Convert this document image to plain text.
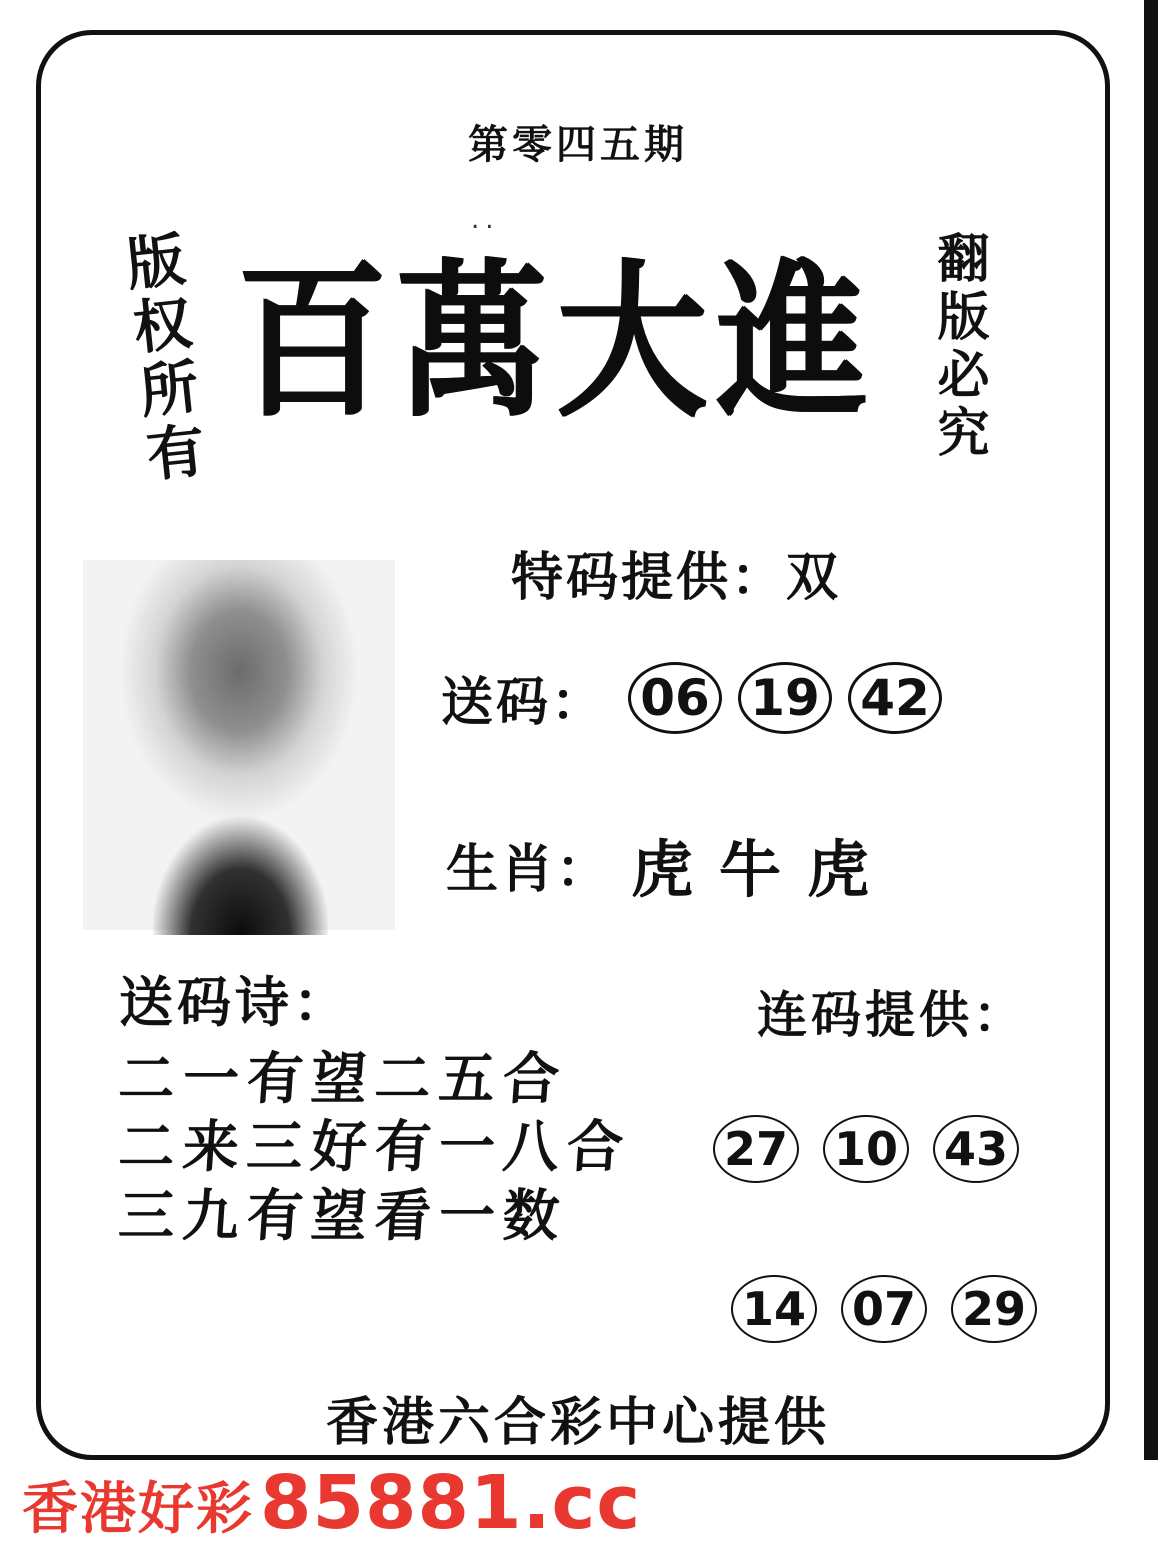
第零四五期
..
版权所有	翻版必究
百萬大進
特码提供：双
送码： 06 19 42
生肖： 虎牛虎
送码诗：
二一有望二五合
二来三好有一八合
三九有望看一数
连码提供：
27 10 43
14 07 29
香港六合彩中心提供
香港好彩 85881.cc
